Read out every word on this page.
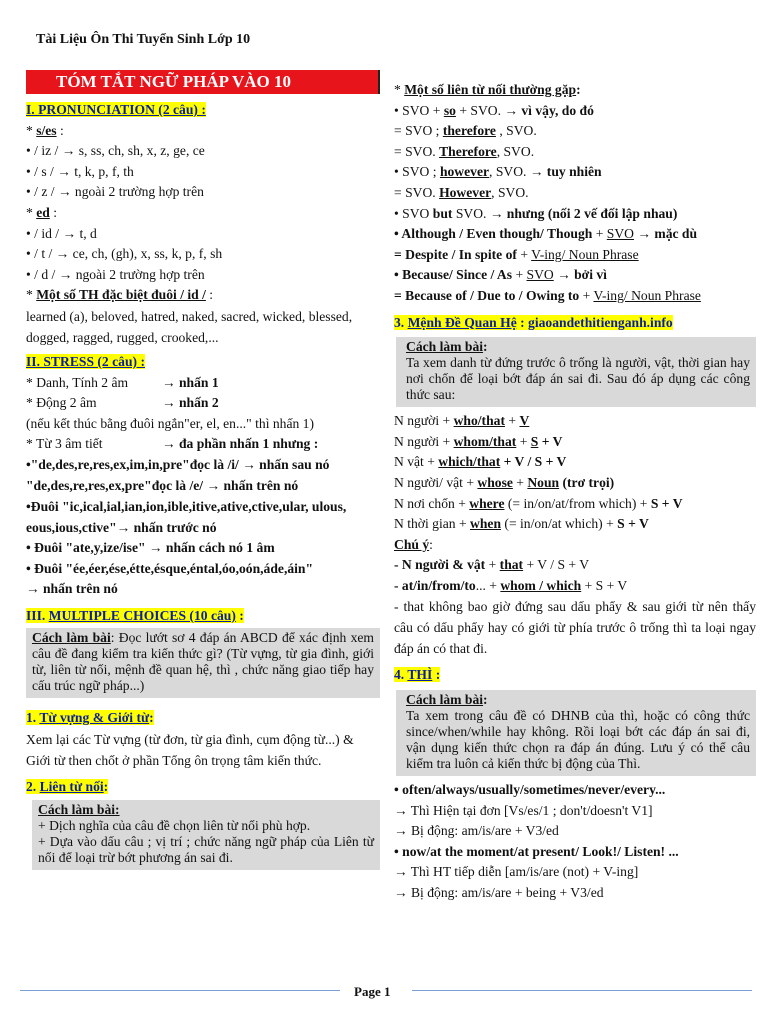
Tài Liệu Ôn Thi Tuyển Sinh Lớp 10
TÓM TẮT NGỮ PHÁP VÀO 10
I. PRONUNCIATION (2 câu) :
* s/es :
• / iz / → s, ss, ch, sh, x, z, ge, ce
• / s / → t, k, p, f, th
• / z / → ngoài 2 trường hợp trên
* ed :
• / id / → t, d
• / t / → ce, ch, (gh), x, ss, k, p, f, sh
• / d / → ngoài 2 trường hợp trên
* Một số TH đặc biệt đuôi / id / :
learned (a), beloved, hatred, naked, sacred, wicked, blessed, dogged, ragged, rugged, crooked,...
II. STRESS (2 câu) :
* Danh, Tính 2 âm → nhấn 1
* Động 2 âm	→ nhấn 2
(nếu kết thúc bằng đuôi ngắn"er, el, en..." thì nhấn 1)
* Từ 3 âm tiết	→ đa phần nhấn 1 nhưng :
•"de,des,re,res,ex,im,in,pre"đọc là /i/ → nhấn sau nó
"de,des,re,res,ex,pre"đọc là /e/ → nhấn trên nó
•Đuôi "ic,ical,ial,ian,ion,ible,itive,ative,ctive,ular, ulous, eous,ious,ctive"→ nhấn trước nó
• Đuôi "ate,y,ize/ise" → nhấn cách nó 1 âm
• Đuôi "ée,éer,ése,étte,ésque,éntal,óo,oón,áde,áin"
→ nhấn trên nó
III. MULTIPLE CHOICES (10 câu) :
Cách làm bài: Đọc lướt sơ 4 đáp án ABCD để xác định xem câu đề đang kiểm tra kiến thức gì? (Từ vựng, từ gia đình, giới từ, liên từ nối, mệnh đề quan hệ, thì , chức năng giao tiếp hay cấu trúc ngữ pháp...)
1. Từ vựng & Giới từ:
Xem lại các Từ vựng (từ đơn, từ gia đình, cụm động từ...) & Giới từ then chốt ở phần Tổng ôn trọng tâm kiến thức.
2. Liên từ nối:
Cách làm bài:
+ Dịch nghĩa của câu đề chọn liên từ nối phù hợp.
+ Dựa vào dấu câu ; vị trí ; chức năng ngữ pháp của Liên từ nối để loại trừ bớt phương án sai đi.
* Một số liên từ nối thường gặp:
• SVO + so + SVO. → vì vậy, do đó
= SVO ; therefore , SVO.
= SVO. Therefore, SVO.
• SVO ; however, SVO. → tuy nhiên
= SVO. However, SVO.
• SVO but SVO. → nhưng (nối 2 vế đối lập nhau)
• Although / Even though/ Though + SVO → mặc dù
= Despite / In spite of + V-ing/ Noun Phrase
• Because/ Since / As + SVO → bởi vì
= Because of / Due to / Owing to + V-ing/ Noun Phrase
3. Mệnh Đề Quan Hệ : giaoandethitienganh.info
Cách làm bài:
Ta xem danh từ đứng trước ô trống là người, vật, thời gian hay nơi chốn để loại bớt đáp án sai đi. Sau đó áp dụng các công thức sau:
N người + who/that + V
N người + whom/that + S + V
N vật + which/that + V / S + V
N người/ vật + whose + Noun (trơ trọi)
N nơi chốn + where (= in/on/at/from which) + S + V
N thời gian + when (= in/on/at which) + S + V
Chú ý:
- N người & vật + that + V / S + V
- at/in/from/to... + whom / which + S + V
- that không bao giờ đứng sau dấu phẩy & sau giới từ nên thấy câu có dấu phẩy hay có giới từ phía trước ô trống thì ta loại ngay đáp án có that đi.
4. THÌ :
Cách làm bài:
Ta xem trong câu đề có DHNB của thì, hoặc có công thức since/when/while hay không. Rồi loại bớt các đáp án sai đi, vận dụng kiến thức chọn ra đáp án đúng. Lưu ý có thể câu kiểm tra luôn cả kiến thức bị động của Thì.
• often/always/usually/sometimes/never/every...
→ Thì Hiện tại đơn [Vs/es/1 ; don't/doesn't V1]
→ Bị động: am/is/are + V3/ed
• now/at the moment/at present/ Look!/ Listen! ...
→ Thì HT tiếp diễn [am/is/are (not) + V-ing]
→ Bị động: am/is/are + being + V3/ed
Page 1
